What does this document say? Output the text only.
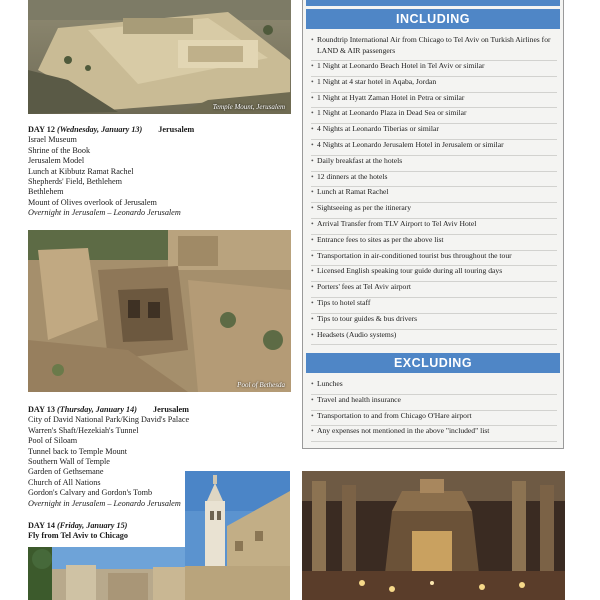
Temple Mount, Jerusalem
DAY 12 (Wednesday, January 13) Jerusalem
Israel Museum
Shrine of the Book
Jerusalem Model
Lunch at Kibbutz Ramat Rachel
Shepherds' Field, Bethlehem
Bethlehem
Mount of Olives overlook of Jerusalem
Overnight in Jerusalem – Leonardo Jerusalem
Pool of Bethesda
DAY 13 (Thursday, January 14) Jerusalem
City of David National Park/King David's Palace
Warren's Shaft/Hezekiah's Tunnel
Pool of Siloam
Tunnel back to Temple Mount
Southern Wall of Temple
Garden of Gethsemane
Church of All Nations
Gordon's Calvary and Gordon's Tomb
Overnight in Jerusalem – Leonardo Jerusalem
DAY 14 (Friday, January 15)
Fly from Tel Aviv to Chicago
INCLUDING
• Roundtrip International Air from Chicago to Tel Aviv on Turkish Airlines for LAND & AIR passengers
• 1 Night at Leonardo Beach Hotel in Tel Aviv or similar
• 1 Night at 4 star hotel in Aqaba, Jordan
• 1 Night at Hyatt Zaman Hotel in Petra or similar
• 1 Night at Leonardo Plaza in Dead Sea or similar
• 4 Nights at Leonardo Tiberias or similar
• 4 Nights at Leonardo Jerusalem Hotel in Jerusalem or similar
• Daily breakfast at the hotels
• 12 dinners at the hotels
• Lunch at Ramat Rachel
• Sightseeing as per the itinerary
• Arrival Transfer from TLV Airport to Tel Aviv Hotel
• Entrance fees to sites as per the above list
• Transportation in air-conditioned tourist bus throughout the tour
• Licensed English speaking tour guide during all touring days
• Porters' fees at Tel Aviv airport
• Tips to hotel staff
• Tips to tour guides & bus drivers
• Headsets (Audio systems)
EXCLUDING
• Lunches
• Travel and health insurance
• Transportation to and from Chicago O'Hare airport
• Any expenses not mentioned in the above "included" list
